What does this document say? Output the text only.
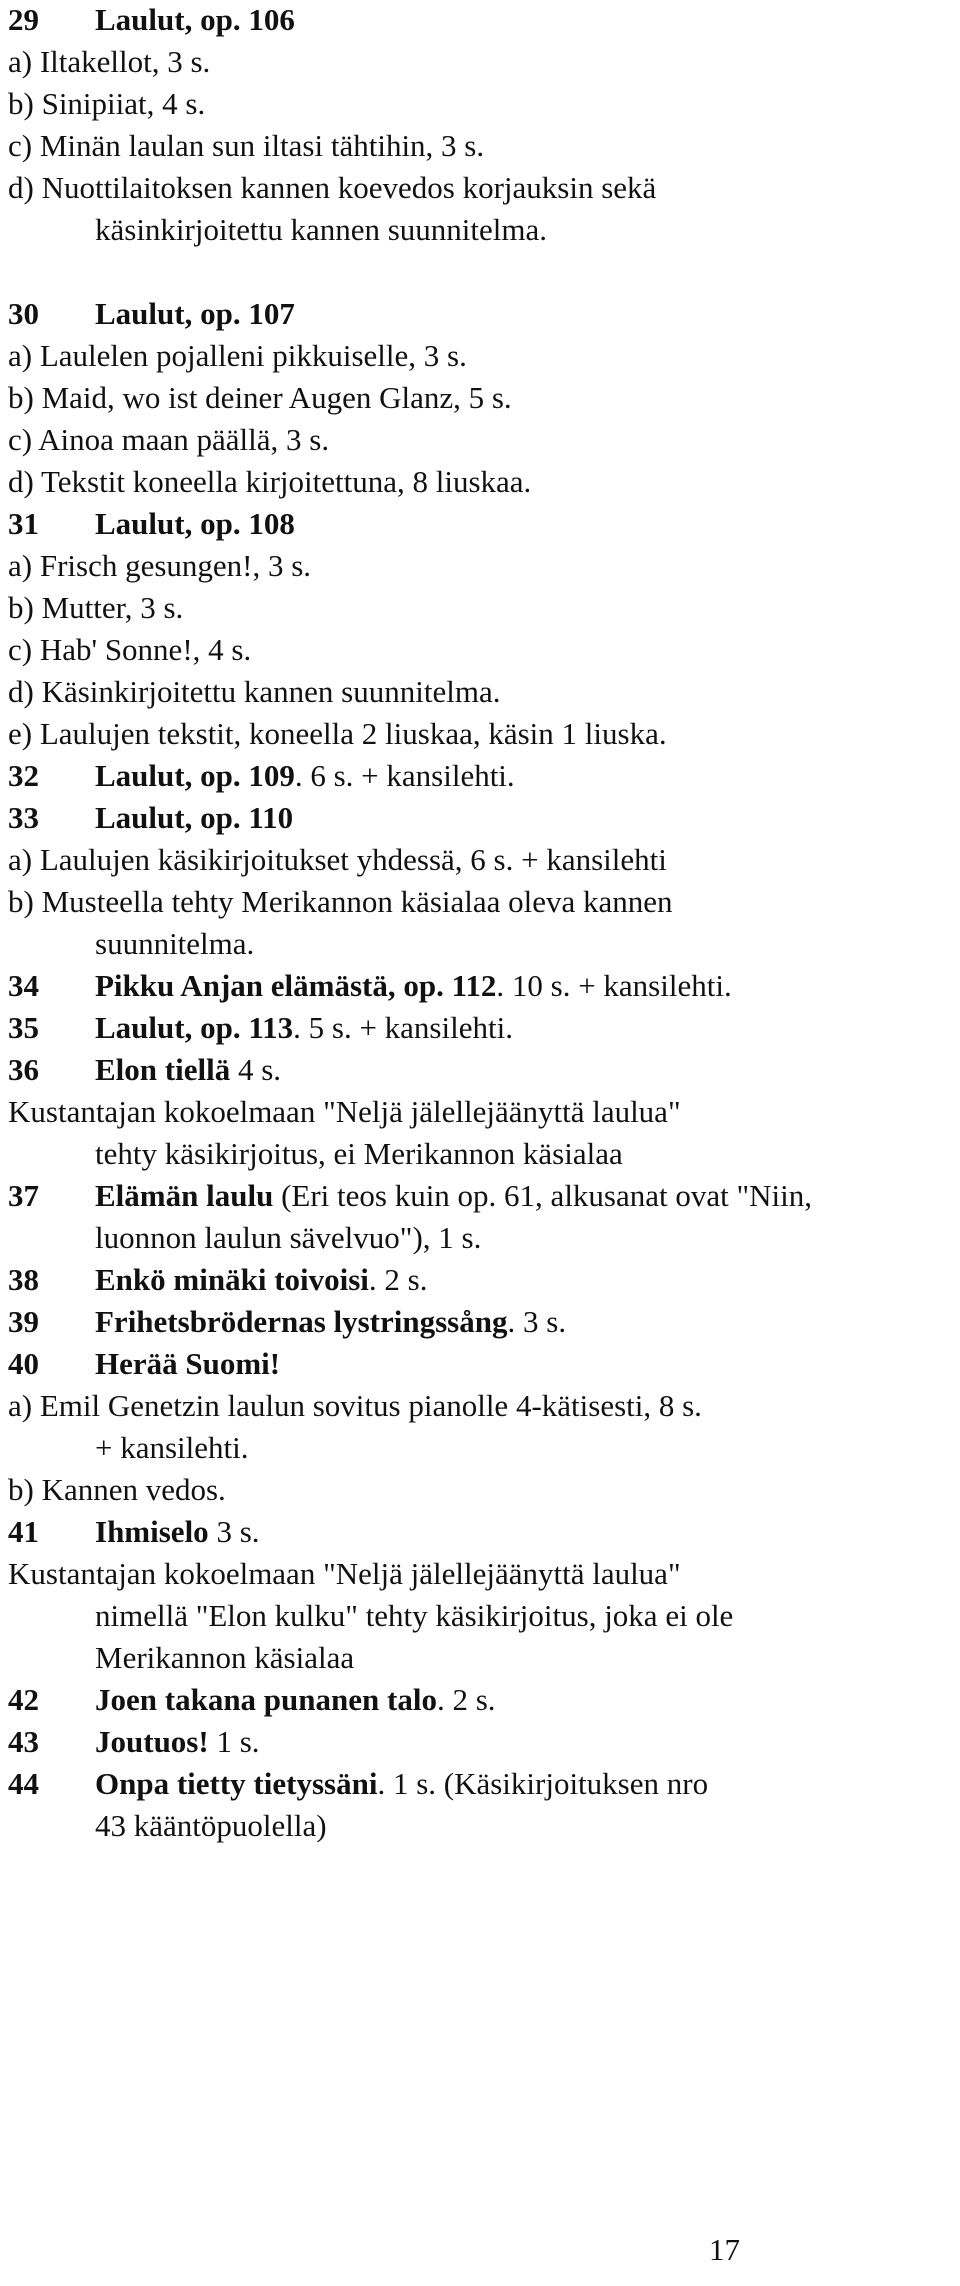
29	Laulut, op. 106
a) Iltakellot, 3 s.
b) Sinipiiat, 4 s.
c) Minän laulan sun iltasi tähtihin, 3 s.
d) Nuottilaitoksen kannen koevedos korjauksin sekä
käsinkirjoitettu kannen suunnitelma.
30	Laulut, op. 107
a) Laulelen pojalleni pikkuiselle, 3 s.
b) Maid, wo ist deiner Augen Glanz, 5 s.
c) Ainoa maan päällä, 3 s.
d) Tekstit koneella kirjoitettuna, 8 liuskaa.
31	Laulut, op. 108
a) Frisch gesungen!, 3 s.
b) Mutter, 3 s.
c) Hab' Sonne!, 4 s.
d) Käsinkirjoitettu kannen suunnitelma.
e) Laulujen tekstit, koneella 2 liuskaa, käsin 1 liuska.
32	Laulut, op. 109. 6 s. + kansilehti.
33	Laulut, op. 110
a) Laulujen käsikirjoitukset yhdessä, 6 s. + kansilehti
b) Musteella tehty Merikannon käsialaa oleva kannen
suunnitelma.
34	Pikku Anjan elämästä, op. 112. 10 s. + kansilehti.
35	Laulut, op. 113. 5 s. + kansilehti.
36	Elon tiellä 4 s.
Kustantajan kokoelmaan "Neljä jälellejäänyttä laulua"
tehty käsikirjoitus, ei Merikannon käsialaa
37	Elämän laulu (Eri teos kuin op. 61, alkusanat ovat "Niin,
luonnon laulun sävelvuo"), 1 s.
38	Enkö minäki toivoisi. 2 s.
39	Frihetsbrödernas lystringssång. 3 s.
40	Herää Suomi!
a) Emil Genetzin laulun sovitus pianolle 4-kätisesti, 8 s.
+ kansilehti.
b) Kannen vedos.
41	Ihmiselo 3 s.
Kustantajan kokoelmaan "Neljä jälellejäänyttä laulua"
nimellä "Elon kulku" tehty käsikirjoitus, joka ei ole
Merikannon käsialaa
42	Joen takana punanen talo. 2 s.
43	Joutuos! 1 s.
44	Onpa tietty tietyssäni. 1 s. (Käsikirjoituksen nro
43 kääntöpuolella)
17
